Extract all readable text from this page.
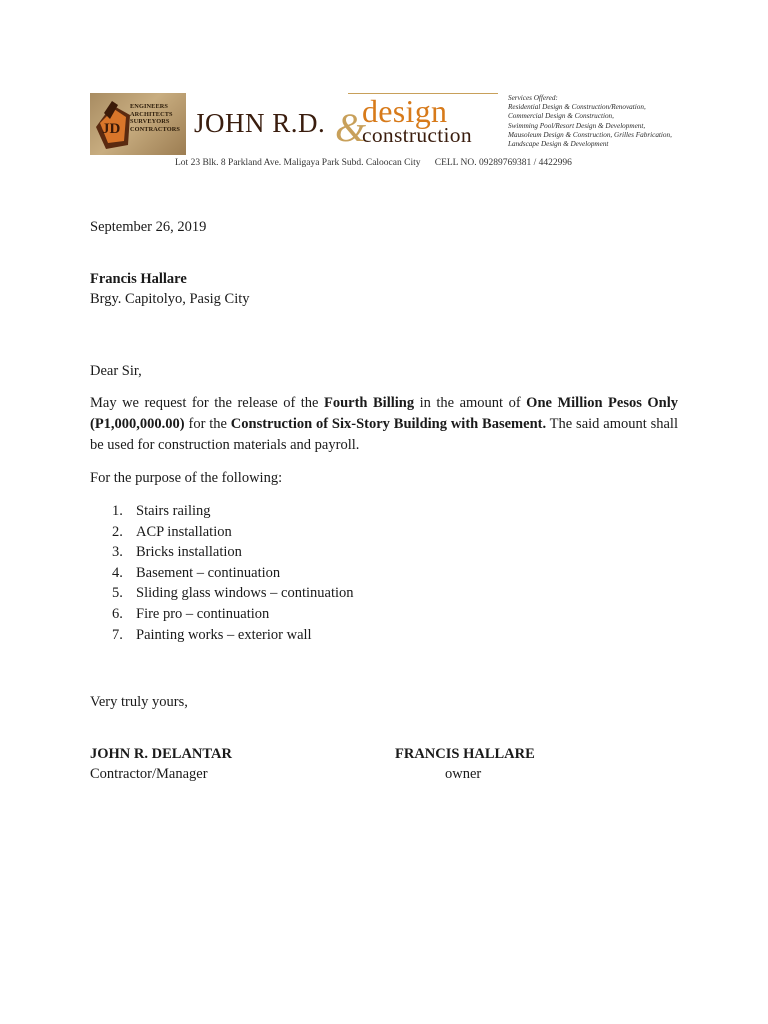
JD
ENGINEERS
ARCHITECTS
SURVEYORS
CONTRACTORS JOHN R.D. &
design
construction
Services Offered:
Residential Design & Construction/Renovation,
Commercial Design & Construction,
Swimming Pool/Resort Design & Development,
Mausoleum Design & Construction, Grilles Fabrication,
Landscape Design & Development
Lot 23 Blk. 8 Parkland Ave. Maligaya Park Subd. Caloocan City CELL NO. 09289769381 / 4422996
September 26, 2019
Francis Hallare
Brgy. Capitolyo, Pasig City
Dear Sir,
May we request for the release of the Fourth Billing in the amount of One Million Pesos Only (P1,000,000.00) for the Construction of Six-Story Building with Basement. The said amount shall be used for construction materials and payroll.
For the purpose of the following:
1. Stairs railing
2. ACP installation
3. Bricks installation
4. Basement – continuation
5. Sliding glass windows – continuation
6. Fire pro – continuation
7. Painting works – exterior wall
Very truly yours,
JOHN R. DELANTAR
Contractor/Manager
FRANCIS HALLARE
owner
